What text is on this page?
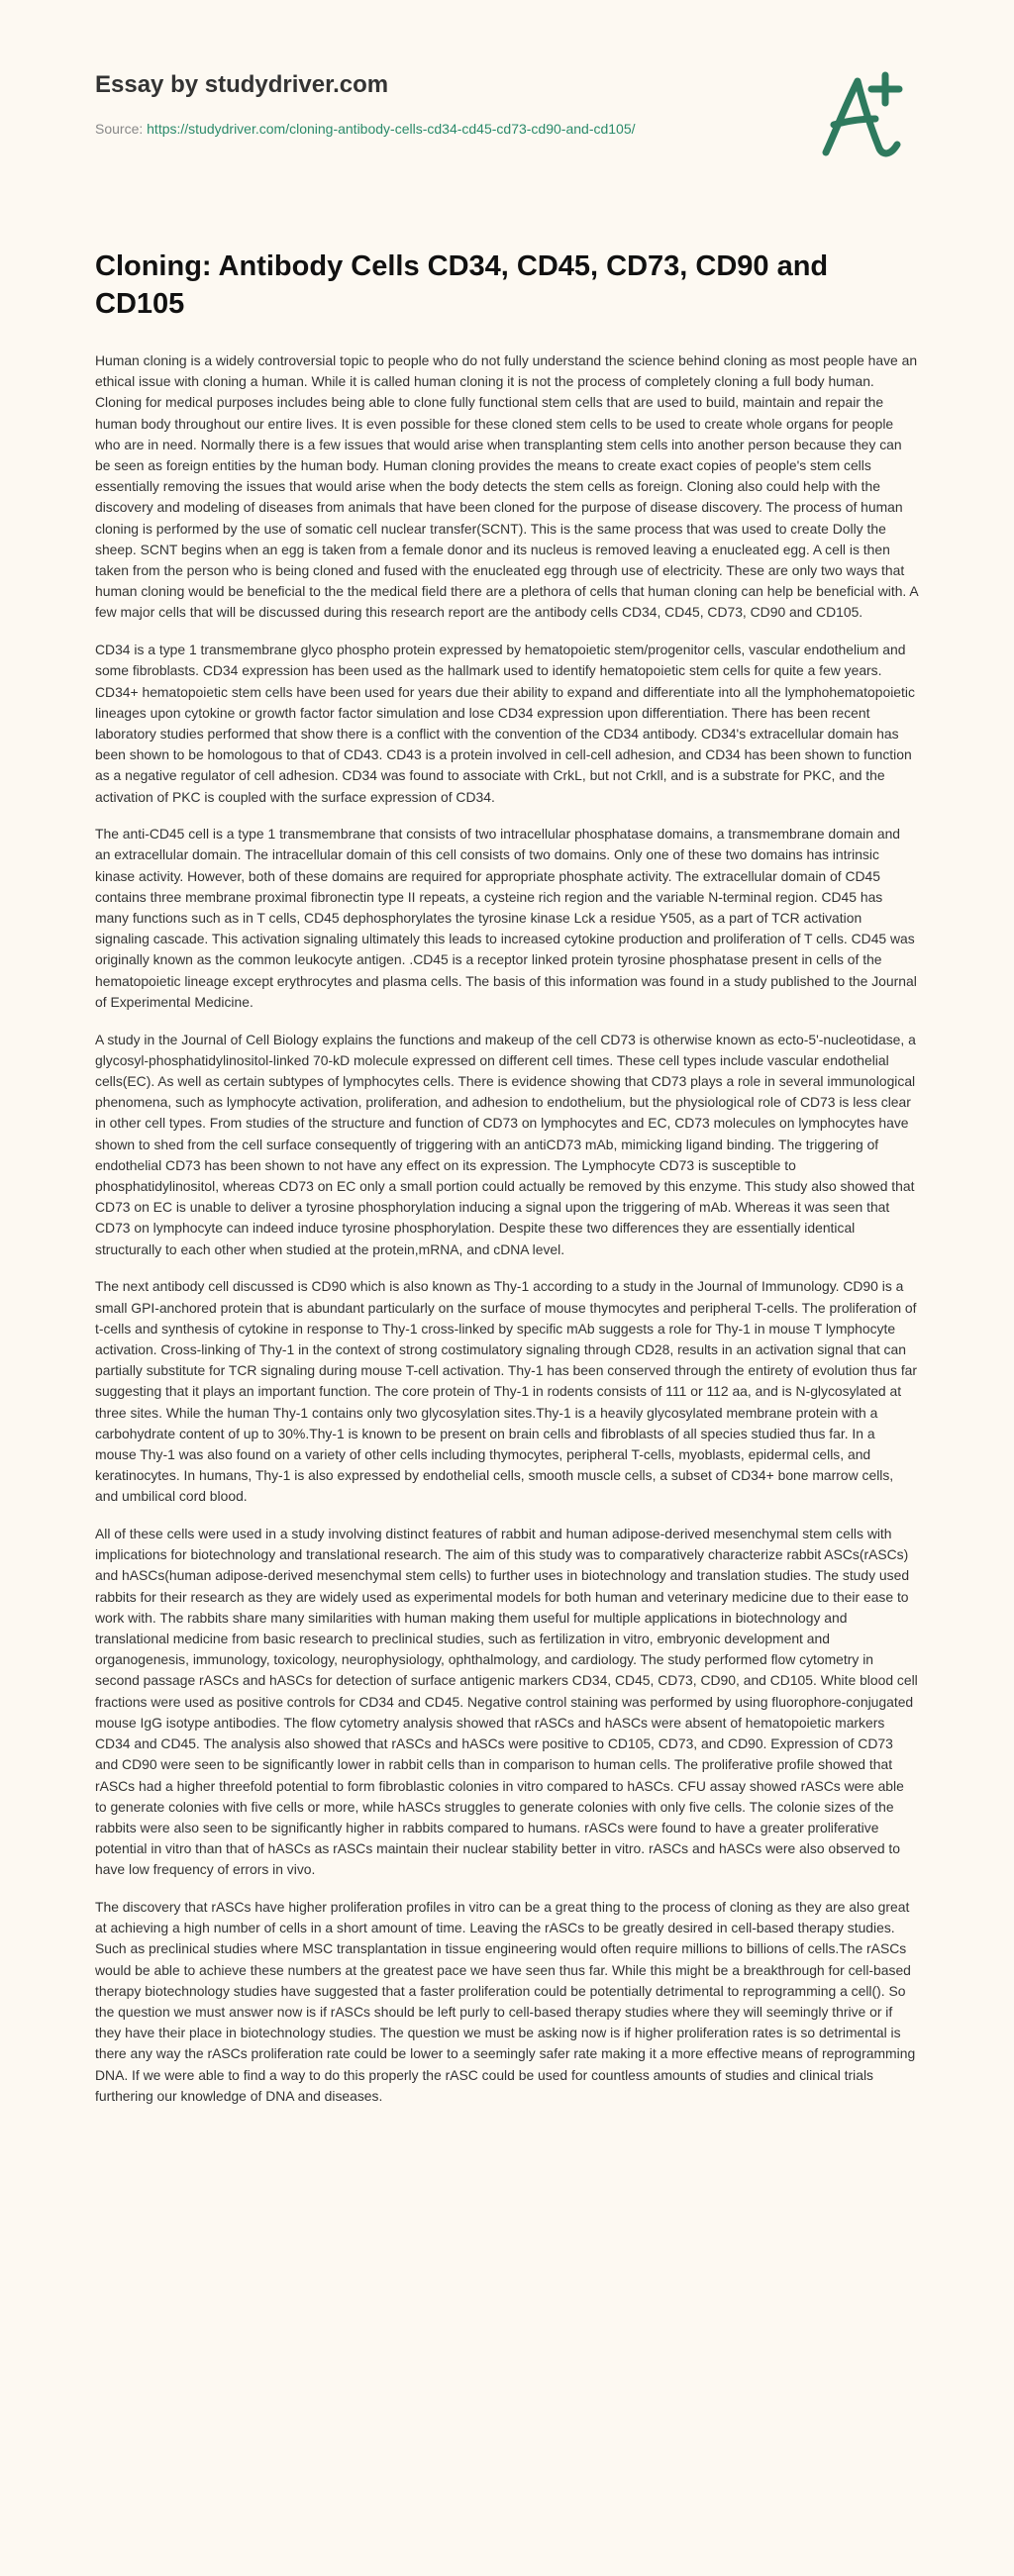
Essay by studydriver.com
Source: https://studydriver.com/cloning-antibody-cells-cd34-cd45-cd73-cd90-and-cd105/
Cloning: Antibody Cells CD34, CD45, CD73, CD90 and CD105

Human cloning is a widely controversial topic to people who do not fully understand the science behind cloning as most people have an ethical issue with cloning a human. While it is called human cloning it is not the process of completely cloning a full body human. Cloning for medical purposes includes being able to clone fully functional stem cells that are used to build, maintain and repair the human body throughout our entire lives. It is even possible for these cloned stem cells to be used to create whole organs for people who are in need. Normally there is a few issues that would arise when transplanting stem cells into another person because they can be seen as foreign entities by the human body. Human cloning provides the means to create exact copies of people's stem cells essentially removing the issues that would arise when the body detects the stem cells as foreign. Cloning also could help with the discovery and modeling of diseases from animals that have been cloned for the purpose of disease discovery. The process of human cloning is performed by the use of somatic cell nuclear transfer(SCNT). This is the same process that was used to create Dolly the sheep. SCNT begins when an egg is taken from a female donor and its nucleus is removed leaving a enucleated egg. A cell is then taken from the person who is being cloned and fused with the enucleated egg through use of electricity. These are only two ways that human cloning would be beneficial to the the medical field there are a plethora of cells that human cloning can help be beneficial with. A few major cells that will be discussed during this research report are the antibody cells CD34, CD45, CD73, CD90 and CD105.

CD34 is a type 1 transmembrane glyco phospho protein expressed by hematopoietic stem/progenitor cells, vascular endothelium and some fibroblasts. CD34 expression has been used as the hallmark used to identify hematopoietic stem cells for quite a few years. CD34+ hematopoietic stem cells have been used for years due their ability to expand and differentiate into all the lymphohematopoietic lineages upon cytokine or growth factor factor simulation and lose CD34 expression upon differentiation. There has been recent laboratory studies performed that show there is a conflict with the convention of the CD34 antibody. CD34's extracellular domain has been shown to be homologous to that of CD43. CD43 is a protein involved in cell-cell adhesion, and CD34 has been shown to function as a negative regulator of cell adhesion. CD34 was found to associate with CrkL, but not Crkll, and is a substrate for PKC, and the activation of PKC is coupled with the surface expression of CD34.

The anti-CD45 cell is a type 1 transmembrane that consists of two intracellular phosphatase domains, a transmembrane domain and an extracellular domain. The intracellular domain of this cell consists of two domains. Only one of these two domains has intrinsic kinase activity. However, both of these domains are required for appropriate phosphate activity. The extracellular domain of CD45 contains three membrane proximal fibronectin type II repeats, a cysteine rich region and the variable N-terminal region. CD45 has many functions such as in T cells, CD45 dephosphorylates the tyrosine kinase Lck a residue Y505, as a part of TCR activation signaling cascade. This activation signaling ultimately this leads to increased cytokine production and proliferation of T cells. CD45 was originally known as the common leukocyte antigen. .CD45 is a receptor linked protein tyrosine phosphatase present in cells of the hematopoietic lineage except erythrocytes and plasma cells. The basis of this information was found in a study published to the Journal of Experimental Medicine.

A study in the Journal of Cell Biology explains the functions and makeup of the cell CD73 is otherwise known as ecto-5'-nucleotidase, a glycosyl-phosphatidylinositol-linked 70-kD molecule expressed on different cell times. These cell types include vascular endothelial cells(EC). As well as certain subtypes of lymphocytes cells. There is evidence showing that CD73 plays a role in several immunological phenomena, such as lymphocyte activation, proliferation, and adhesion to endothelium, but the physiological role of CD73 is less clear in other cell types. From studies of the structure and function of CD73 on lymphocytes and EC, CD73 molecules on lymphocytes have shown to shed from the cell surface consequently of triggering with an antiCD73 mAb, mimicking ligand binding. The triggering of endothelial CD73 has been shown to not have any effect on its expression. The Lymphocyte CD73 is susceptible to phosphatidylinositol, whereas CD73 on EC only a small portion could actually be removed by this enzyme. This study also showed that CD73 on EC is unable to deliver a tyrosine phosphorylation inducing a signal upon the triggering of mAb. Whereas it was seen that CD73 on lymphocyte can indeed induce tyrosine phosphorylation. Despite these two differences they are essentially identical structurally to each other when studied at the protein,mRNA, and cDNA level.

The next antibody cell discussed is CD90 which is also known as Thy-1 according to a study in the Journal of Immunology. CD90 is a small GPI-anchored protein that is abundant particularly on the surface of mouse thymocytes and peripheral T-cells. The proliferation of t-cells and synthesis of cytokine in response to Thy-1 cross-linked by specific mAb suggests a role for Thy-1 in mouse T lymphocyte activation. Cross-linking of Thy-1 in the context of strong costimulatory signaling through CD28, results in an activation signal that can partially substitute for TCR signaling during mouse T-cell activation. Thy-1 has been conserved through the entirety of evolution thus far suggesting that it plays an important function. The core protein of Thy-1 in rodents consists of 111 or 112 aa, and is N-glycosylated at three sites. While the human Thy-1 contains only two glycosylation sites.Thy-1 is a heavily glycosylated membrane protein with a carbohydrate content of up to 30%.Thy-1 is known to be present on brain cells and fibroblasts of all species studied thus far. In a mouse Thy-1 was also found on a variety of other cells including thymocytes, peripheral T-cells, myoblasts, epidermal cells, and keratinocytes. In humans, Thy-1 is also expressed by endothelial cells, smooth muscle cells, a subset of CD34+ bone marrow cells, and umbilical cord blood.

All of these cells were used in a study involving distinct features of rabbit and human adipose-derived mesenchymal stem cells with implications for biotechnology and translational research. The aim of this study was to comparatively characterize rabbit ASCs(rASCs) and hASCs(human adipose-derived mesenchymal stem cells) to further uses in biotechnology and translation studies. The study used rabbits for their research as they are widely used as experimental models for both human and veterinary medicine due to their ease to work with. The rabbits share many similarities with human making them useful for multiple applications in biotechnology and translational medicine from basic research to preclinical studies, such as fertilization in vitro, embryonic development and organogenesis, immunology, toxicology, neurophysiology, ophthalmology, and cardiology. The study performed flow cytometry in second passage rASCs and hASCs for detection of surface antigenic markers CD34, CD45, CD73, CD90, and CD105. White blood cell fractions were used as positive controls for CD34 and CD45. Negative control staining was performed by using fluorophore-conjugated mouse IgG isotype antibodies. The flow cytometry analysis showed that rASCs and hASCs were absent of hematopoietic markers CD34 and CD45. The analysis also showed that rASCs and hASCs were positive to CD105, CD73, and CD90. Expression of CD73 and CD90 were seen to be significantly lower in rabbit cells than in comparison to human cells. The proliferative profile showed that rASCs had a higher threefold potential to form fibroblastic colonies in vitro compared to hASCs. CFU assay showed rASCs were able to generate colonies with five cells or more, while hASCs struggles to generate colonies with only five cells. The colonie sizes of the rabbits were also seen to be significantly higher in rabbits compared to humans. rASCs were found to have a greater proliferative potential in vitro than that of hASCs as rASCs maintain their nuclear stability better in vitro. rASCs and hASCs were also observed to have low frequency of errors in vivo.

The discovery that rASCs have higher proliferation profiles in vitro can be a great thing to the process of cloning as they are also great at achieving a high number of cells in a short amount of time. Leaving the rASCs to be greatly desired in cell-based therapy studies. Such as preclinical studies where MSC transplantation in tissue engineering would often require millions to billions of cells.The rASCs would be able to achieve these numbers at the greatest pace we have seen thus far. While this might be a breakthrough for cell-based therapy biotechnology studies have suggested that a faster proliferation could be potentially detrimental to reprogramming a cell(). So the question we must answer now is if rASCs should be left purly to cell-based therapy studies where they will seemingly thrive or if they have their place in biotechnology studies. The question we must be asking now is if higher proliferation rates is so detrimental is there any way the rASCs proliferation rate could be lower to a seemingly safer rate making it a more effective means of reprogramming DNA. If we were able to find a way to do this properly the rASC could be used for countless amounts of studies and clinical trials furthering our knowledge of DNA and diseases.
